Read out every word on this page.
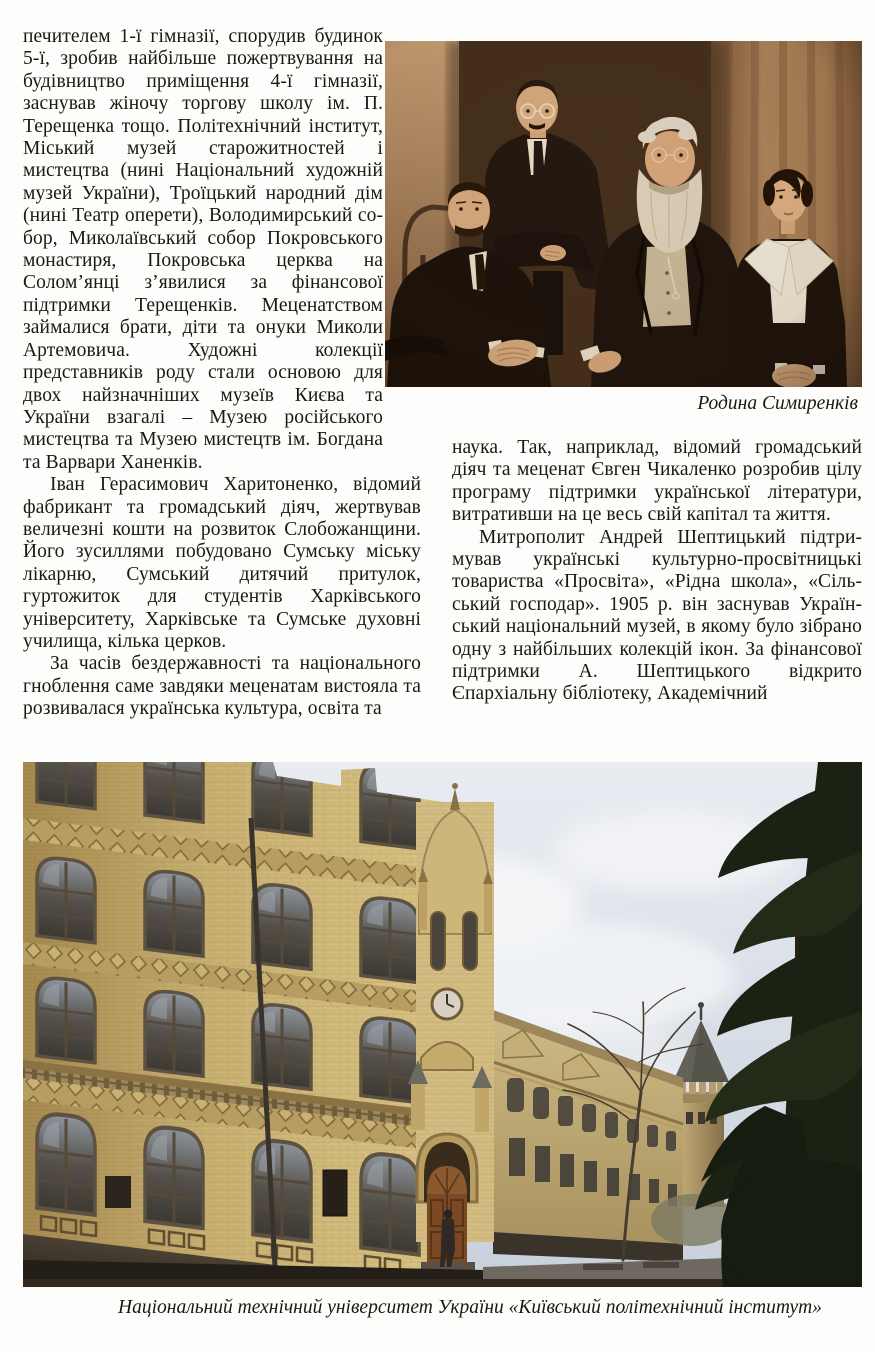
печителем 1-ї гімназії, спорудив будинок 5-ї, зробив найбільше пожертвування на будівництво приміщення 4-ї гімназії, заснував жіночу торгову школу ім. П. Терещенка тощо. Політехнічний інститут, Міський музей старожитностей і мистецтва (нині Національний художній музей України), Троїцький народний дім (нині Театр оперети), Володимирський собор, Миколаївський собор Покровського монастиря, Покровська церква на Солом’янці з’явилися за фінансової підтримки Терещенків. Меценатством займалися брати, діти та онуки Миколи Артемовича. Художні колекції представників роду стали основою для двох найзначніших музеїв Києва та України взагалі – Музею російського мистецтва та Музею мистецтв ім. Богдана та Варвари Ханенків.

Іван Герасимович Харитоненко, відомий фабрикант та громадський діяч, жертвував величезні кошти на розвиток Слобожанщини. Його зусиллями побудовано Сумську міську лікарню, Сумський дитячий притулок, гуртожиток для студентів Харківського університету, Харківське та Сумське духовні училища, кілька церков.

За часів бездержавності та національного гноблення саме завдяки меценатам вистояла та розвивалася українська культура, освіта та

Родина Симиренків

наука. Так, наприклад, відомий громадський діяч та меценат Євген Чикаленко розробив цілу програму підтримки української літератури, витративши на це весь свій капітал та життя.

Митрополит Андрей Шептицький підтримував українські культурно-просвітницькі товариства «Просвіта», «Рідна школа», «Сільський господар». 1905 р. він заснував Український національний музей, в якому було зібрано одну з найбільших колекцій ікон. За фінансової підтримки А. Шептицького відкрито Єпархіальну бібліотеку, Академічний

Національний технічний університет України «Київський політехнічний інститут»
